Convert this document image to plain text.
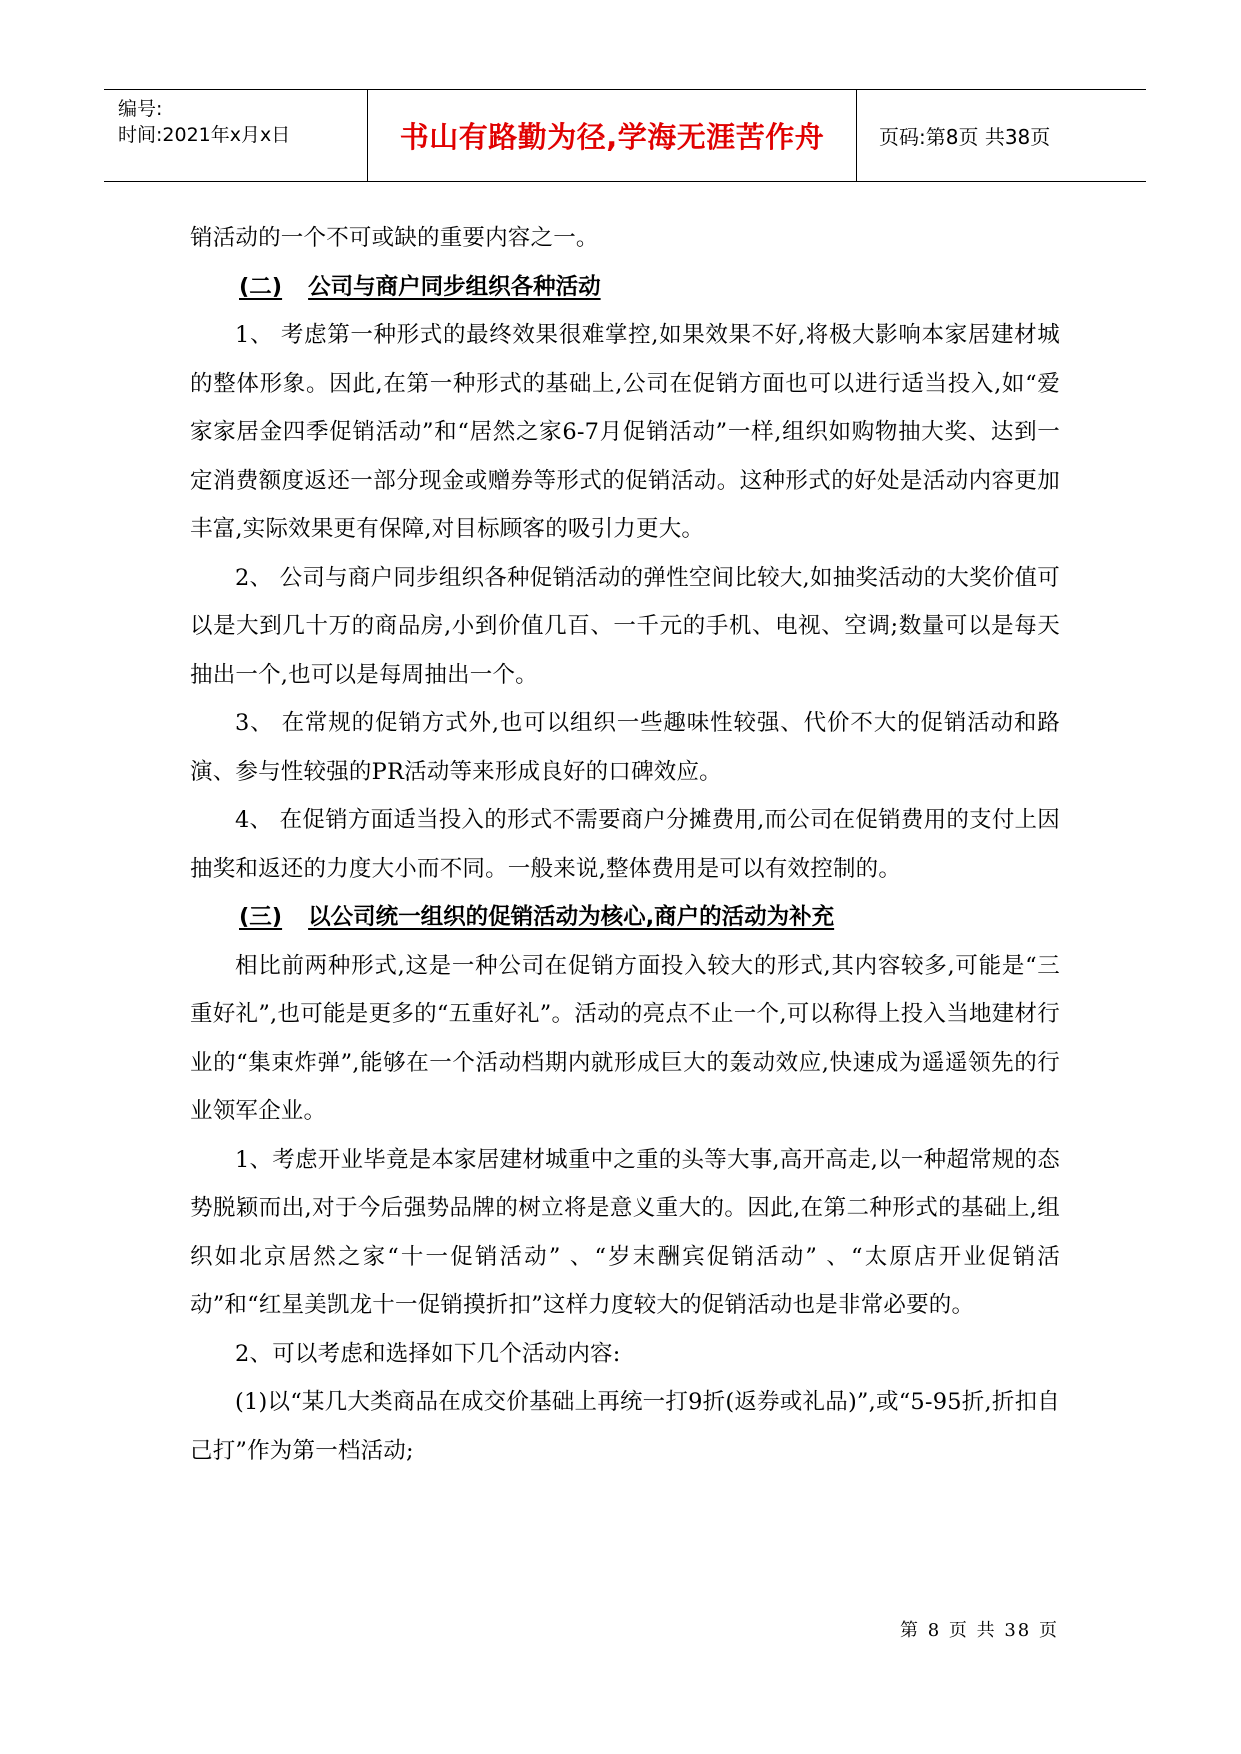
编号:
时间:2021年x月x日	书山有路勤为径,学海无涯苦作舟	页码:第8页 共38页

销活动的一个不可或缺的重要内容之一。

(二) 公司与商户同步组织各种活动

1、 考虑第一种形式的最终效果很难掌控,如果效果不好,将极大影响本家居建材城的整体形象。因此,在第一种形式的基础上,公司在促销方面也可以进行适当投入,如“爱家家居金四季促销活动”和“居然之家6-7月促销活动”一样,组织如购物抽大奖、达到一定消费额度返还一部分现金或赠券等形式的促销活动。这种形式的好处是活动内容更加丰富,实际效果更有保障,对目标顾客的吸引力更大。

2、 公司与商户同步组织各种促销活动的弹性空间比较大,如抽奖活动的大奖价值可以是大到几十万的商品房,小到价值几百、一千元的手机、电视、空调;数量可以是每天抽出一个,也可以是每周抽出一个。

3、 在常规的促销方式外,也可以组织一些趣味性较强、代价不大的促销活动和路演、参与性较强的PR活动等来形成良好的口碑效应。

4、 在促销方面适当投入的形式不需要商户分摊费用,而公司在促销费用的支付上因抽奖和返还的力度大小而不同。一般来说,整体费用是可以有效控制的。

(三) 以公司统一组织的促销活动为核心,商户的活动为补充

相比前两种形式,这是一种公司在促销方面投入较大的形式,其内容较多,可能是“三重好礼”,也可能是更多的“五重好礼”。活动的亮点不止一个,可以称得上投入当地建材行业的“集束炸弹”,能够在一个活动档期内就形成巨大的轰动效应,快速成为遥遥领先的行业领军企业。

1、考虑开业毕竟是本家居建材城重中之重的头等大事,高开高走,以一种超常规的态势脱颖而出,对于今后强势品牌的树立将是意义重大的。因此,在第二种形式的基础上,组织如北京居然之家“十一促销活动” 、“岁末酬宾促销活动” 、“太原店开业促销活动”和“红星美凯龙十一促销摸折扣”这样力度较大的促销活动也是非常必要的。

2、可以考虑和选择如下几个活动内容:

(1)以“某几大类商品在成交价基础上再统一打9折(返券或礼品)”,或“5-95折,折扣自己打”作为第一档活动;

第 8 页 共 38 页
